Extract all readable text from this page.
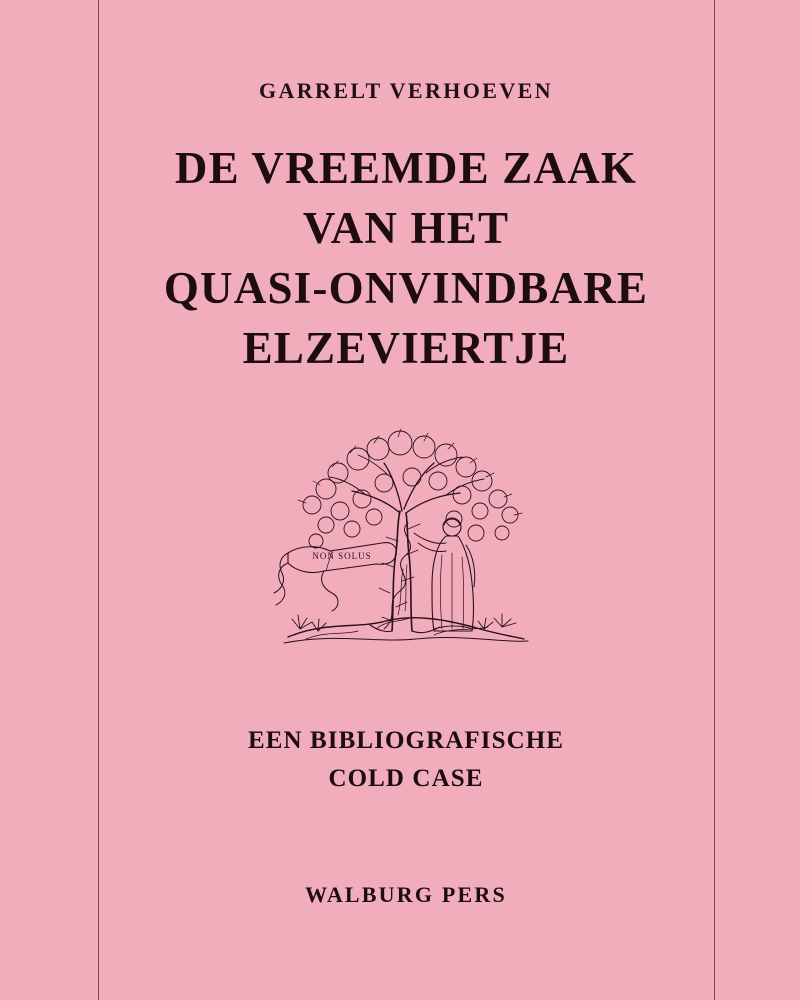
GARRELT VERHOEVEN
DE VREEMDE ZAAK
VAN HET
QUASI-ONVINDBARE
ELZEVIERTJE
NON SOLUS
EEN BIBLIOGRAFISCHE
COLD CASE
WALBURG PERS
